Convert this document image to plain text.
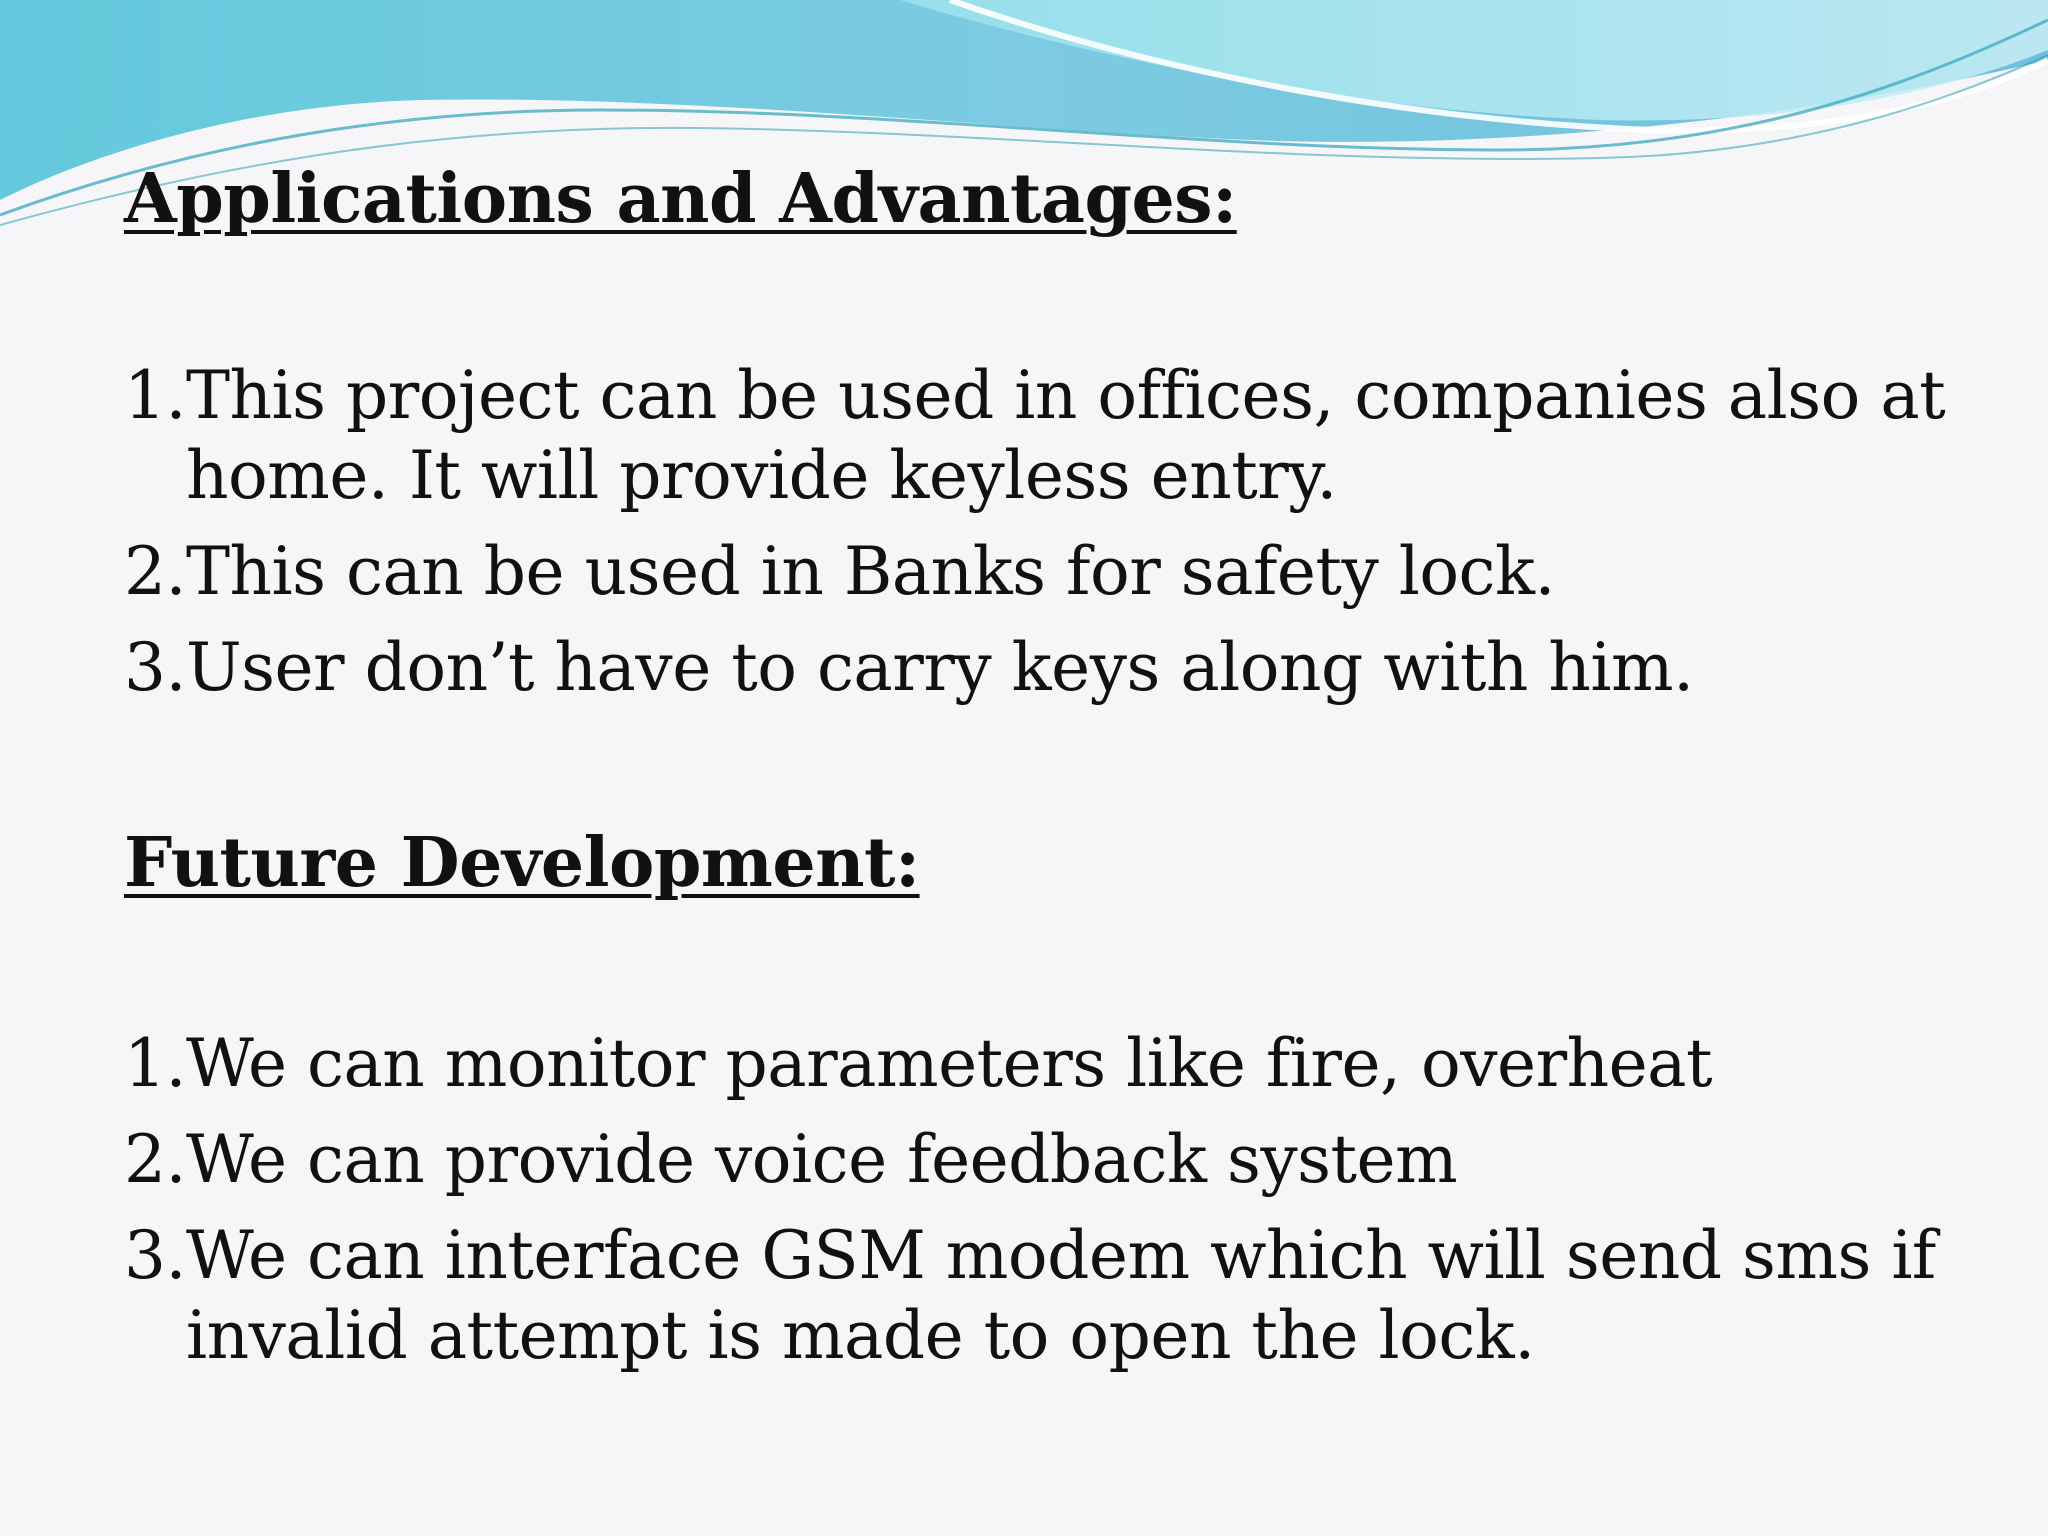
Applications and Advantages:
1. This project can be used in offices, companies also at home. It will provide keyless entry.
2. This can be used in Banks for safety lock.
3. User don’t have to carry keys along with him.
Future Development:
1. We can monitor parameters like fire, overheat
2. We can provide voice feedback system
3. We can interface GSM modem which will send sms if invalid attempt is made to open the lock.
